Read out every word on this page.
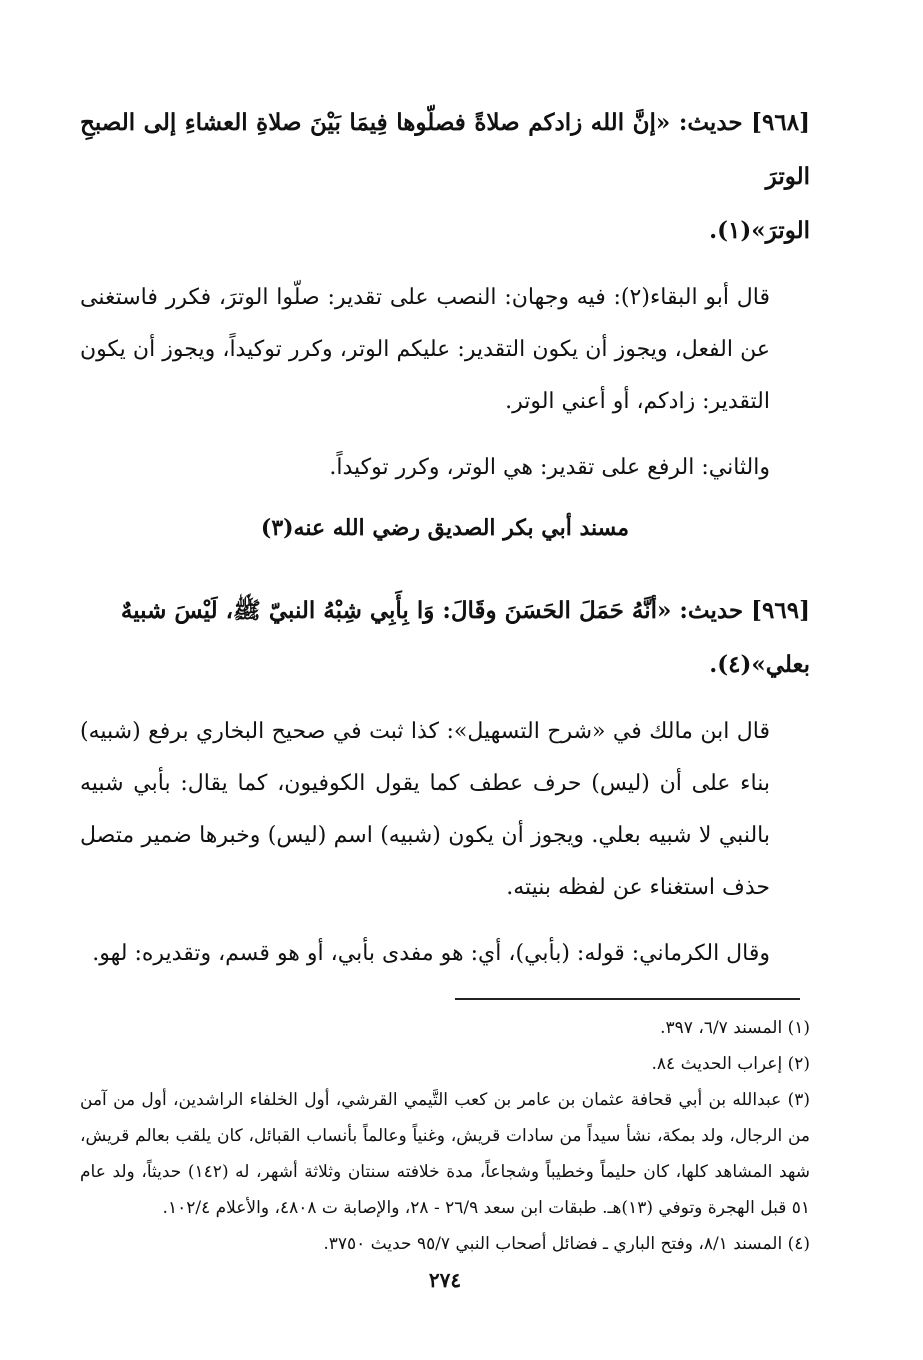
[٩٦٨] حديث: «إنَّ الله زادكم صلاةً فصلّوها فِيمَا بَيْنَ صلاةِ العشاءِ إلى الصبحِ الوترَ

الوترَ»(١).

قال أبو البقاء(٢): فيه وجهان: النصب على تقدير: صلّوا الوترَ، فكرر فاستغنى عن الفعل، ويجوز أن يكون التقدير: عليكم الوتر، وكرر توكيداً، ويجوز أن يكون التقدير: زادكم، أو أعني الوتر.

والثاني: الرفع على تقدير: هي الوتر، وكرر توكيداً.

مسند أبي بكر الصديق رضي الله عنه(٣)

[٩٦٩] حديث: «أنَّهُ حَمَلَ الحَسَنَ وقَالَ: وَا بِأَبِي شِبْهُ النبيّ ﷺ، لَيْسَ شبيهٌ

بعلي»(٤).

قال ابن مالك في «شرح التسهيل»: كذا ثبت في صحيح البخاري برفع (شبيه) بناء على أن (ليس) حرف عطف كما يقول الكوفيون، كما يقال: بأبي شبيه بالنبي لا شبيه بعلي. ويجوز أن يكون (شبيه) اسم (ليس) وخبرها ضمير متصل حذف استغناء عن لفظه بنيته.

وقال الكرماني: قوله: (بأبي)، أي: هو مفدى بأبي، أو هو قسم، وتقديره: لهو.

(١) المسند ٦/٧، ٣٩٧.

(٢) إعراب الحديث ٨٤.

(٣) عبدالله بن أبي قحافة عثمان بن عامر بن كعب التَّيمي القرشي، أول الخلفاء الراشدين، أول من آمن من الرجال، ولد بمكة، نشأ سيداً من سادات قريش، وغنياً وعالماً بأنساب القبائل، كان يلقب بعالم قريش، شهد المشاهد كلها، كان حليماً وخطيباً وشجاعاً، مدة خلافته سنتان وثلاثة أشهر، له (١٤٢) حديثاً، ولد عام ٥١ قبل الهجرة وتوفي (١٣)هـ. طبقات ابن سعد ٢٦/٩ - ٢٨، والإصابة ت ٤٨٠٨، والأعلام ١٠٢/٤.

(٤) المسند ٨/١، وفتح الباري ـ فضائل أصحاب النبي ٩٥/٧ حديث ٣٧٥٠.

٢٧٤
